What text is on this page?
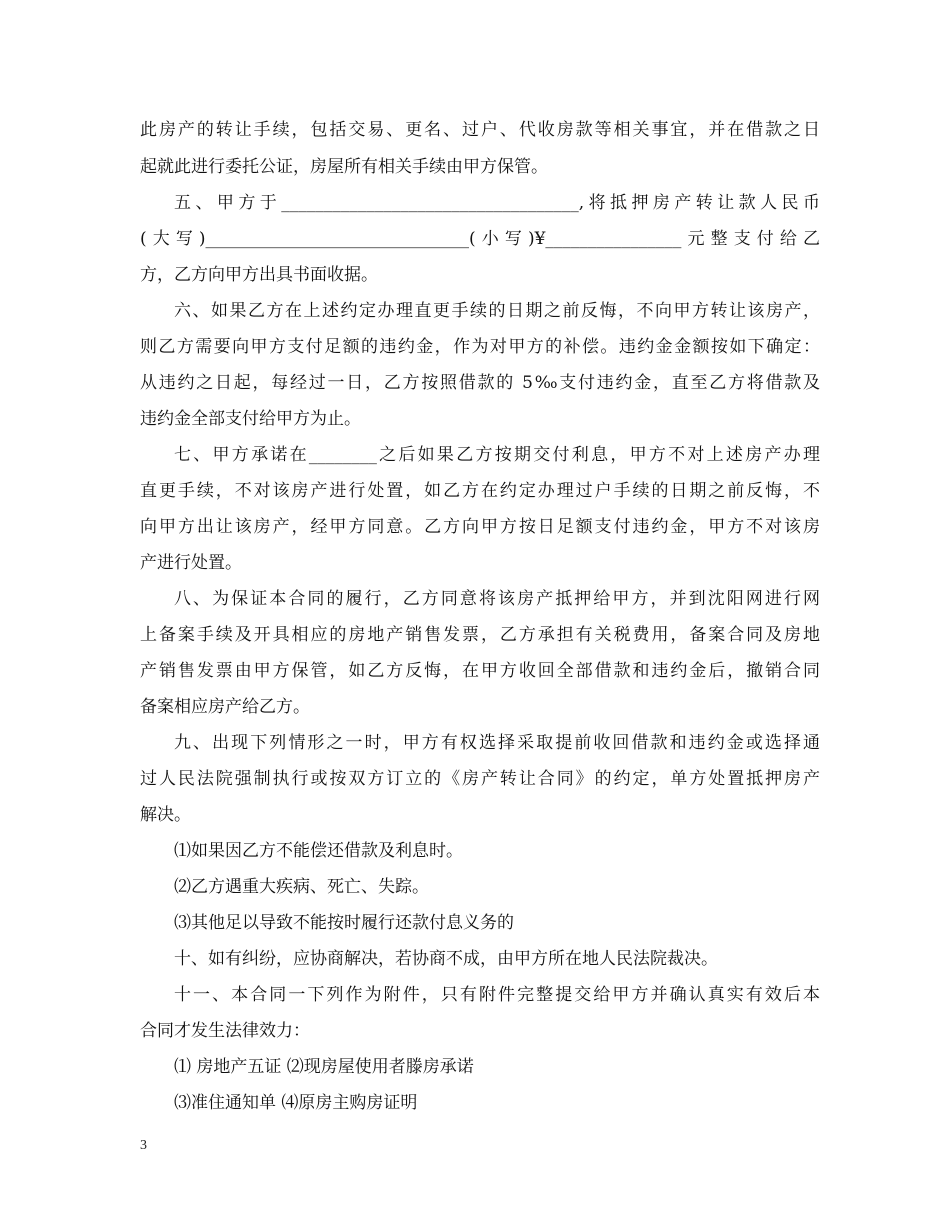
此房产的转让手续，包括交易、更名、过户、代收房款等相关事宜，并在借款之日
起就此进行委托公证，房屋所有相关手续由甲方保管。
五、甲方于___________________________________,将抵押房产转让款人民币
(大写)_______________________________(小写)¥________________元整支付给乙
方，乙方向甲方出具书面收据。
六、如果乙方在上述约定办理直更手续的日期之前反悔，不向甲方转让该房产，
则乙方需要向甲方支付足额的违约金，作为对甲方的补偿。违约金金额按如下确定：
从违约之日起，每经过一日，乙方按照借款的 5‰支付违约金，直至乙方将借款及
违约金全部支付给甲方为止。
七、甲方承诺在________之后如果乙方按期交付利息，甲方不对上述房产办理
直更手续，不对该房产进行处置，如乙方在约定办理过户手续的日期之前反悔，不
向甲方出让该房产，经甲方同意。乙方向甲方按日足额支付违约金，甲方不对该房
产进行处置。
八、为保证本合同的履行，乙方同意将该房产抵押给甲方，并到沈阳网进行网
上备案手续及开具相应的房地产销售发票，乙方承担有关税费用，备案合同及房地
产销售发票由甲方保管，如乙方反悔，在甲方收回全部借款和违约金后，撤销合同
备案相应房产给乙方。
九、出现下列情形之一时，甲方有权选择采取提前收回借款和违约金或选择通
过人民法院强制执行或按双方订立的《房产转让合同》的约定，单方处置抵押房产
解决。
⑴如果因乙方不能偿还借款及利息时。
⑵乙方遇重大疾病、死亡、失踪。
⑶其他足以导致不能按时履行还款付息义务的
十、如有纠纷，应协商解决，若协商不成，由甲方所在地人民法院裁决。
十一、本合同一下列作为附件，只有附件完整提交给甲方并确认真实有效后本
合同才发生法律效力：
⑴ 房地产五证 ⑵现房屋使用者滕房承诺
⑶准住通知单 ⑷原房主购房证明
3
